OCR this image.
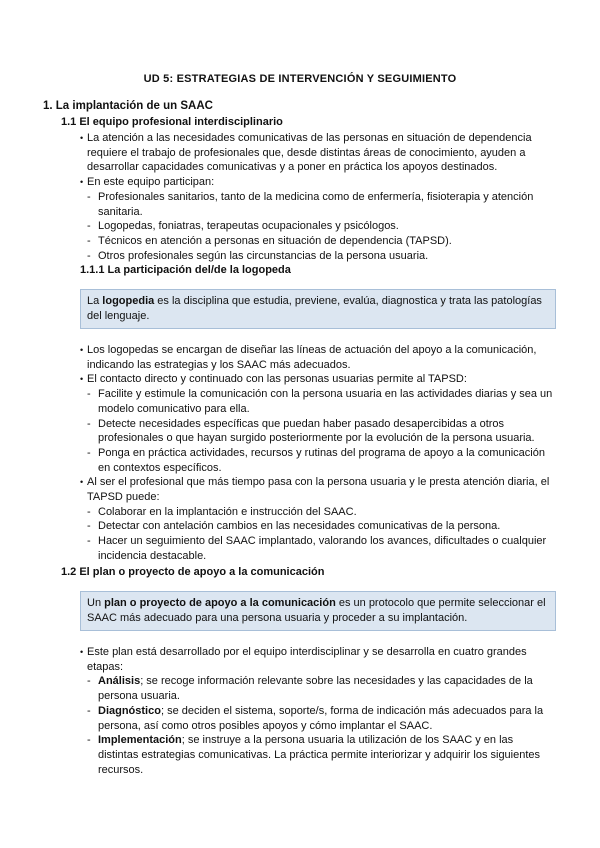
UD 5: ESTRATEGIAS DE INTERVENCIÓN Y SEGUIMIENTO
1. La implantación de un SAAC
1.1 El equipo profesional interdisciplinario
• La atención a las necesidades comunicativas de las personas en situación de dependencia requiere el trabajo de profesionales que, desde distintas áreas de conocimiento, ayuden a desarrollar capacidades comunicativas y a poner en práctica los apoyos destinados.
• En este equipo participan:
- Profesionales sanitarios, tanto de la medicina como de enfermería, fisioterapia y atención sanitaria.
- Logopedas, foniatras, terapeutas ocupacionales y psicólogos.
- Técnicos en atención a personas en situación de dependencia (TAPSD).
- Otros profesionales según las circunstancias de la persona usuaria.
1.1.1 La participación del/de la logopeda
La logopedia es la disciplina que estudia, previene, evalúa, diagnostica y trata las patologías del lenguaje.
• Los logopedas se encargan de diseñar las líneas de actuación del apoyo a la comunicación, indicando las estrategias y los SAAC más adecuados.
• El contacto directo y continuado con las personas usuarias permite al TAPSD:
- Facilite y estimule la comunicación con la persona usuaria en las actividades diarias y sea un modelo comunicativo para ella.
- Detecte necesidades específicas que puedan haber pasado desapercibidas a otros profesionales o que hayan surgido posteriormente por la evolución de la persona usuaria.
- Ponga en práctica actividades, recursos y rutinas del programa de apoyo a la comunicación en contextos específicos.
• Al ser el profesional que más tiempo pasa con la persona usuaria y le presta atención diaria, el TAPSD puede:
- Colaborar en la implantación e instrucción del SAAC.
- Detectar con antelación cambios en las necesidades comunicativas de la persona.
- Hacer un seguimiento del SAAC implantado, valorando los avances, dificultades o cualquier incidencia destacable.
1.2 El plan o proyecto de apoyo a la comunicación
Un plan o proyecto de apoyo a la comunicación es un protocolo que permite seleccionar el SAAC más adecuado para una persona usuaria y proceder a su implantación.
• Este plan está desarrollado por el equipo interdisciplinar y se desarrolla en cuatro grandes etapas:
- Análisis; se recoge información relevante sobre las necesidades y las capacidades de la persona usuaria.
- Diagnóstico; se deciden el sistema, soporte/s, forma de indicación más adecuados para la persona, así como otros posibles apoyos y cómo implantar el SAAC.
- Implementación; se instruye a la persona usuaria la utilización de los SAAC y en las distintas estrategias comunicativas. La práctica permite interiorizar y adquirir los siguientes recursos.
